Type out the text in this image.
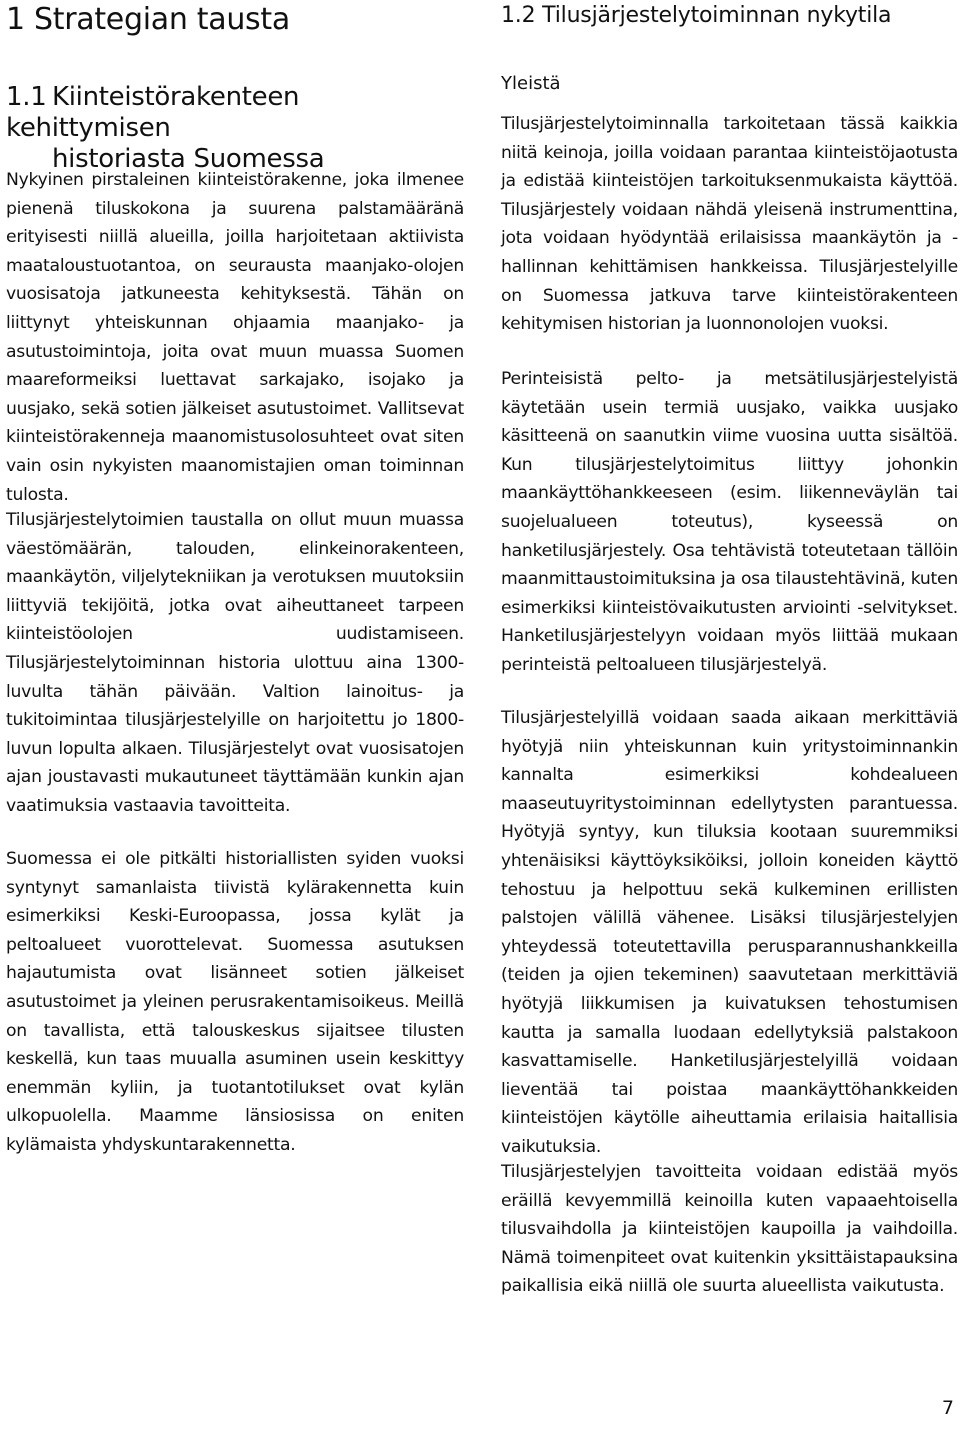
1 Strategian tausta
1.1 Kiinteistörakenteen kehittymisen
historiasta Suomessa

Nykyinen pirstaleinen kiinteistörakenne, joka ilmenee pienenä tiluskokona ja suurena palstamääränä erityisesti niillä alueilla, joilla harjoitetaan aktiivista maataloustuotantoa, on seurausta maanjako-olojen vuosisatoja jatkuneesta kehityksestä. Tähän on liittynyt yhteiskunnan ohjaamia maanjako- ja asutustoimintoja, joita ovat muun muassa Suomen maareformeiksi luettavat sarkajako, isojako ja uusjako, sekä sotien jälkeiset asutustoimet. Vallitsevat kiinteistörakenneja maanomistusolosuhteet ovat siten vain osin nykyisten maanomistajien oman toiminnan tulosta.

Tilusjärjestelytoimien taustalla on ollut muun muassa väestömäärän, talouden, elinkeinorakenteen, maankäytön, viljelytekniikan ja verotuksen muutoksiin liittyviä tekijöitä, jotka ovat aiheuttaneet tarpeen kiinteistöolojen uudistamiseen. Tilusjärjestelytoiminnan historia ulottuu aina 1300-luvulta tähän päivään. Valtion lainoitus- ja tukitoimintaa tilusjärjestelyille on harjoitettu jo 1800-luvun lopulta alkaen. Tilusjärjestelyt ovat vuosisatojen ajan joustavasti mukautuneet täyttämään kunkin ajan vaatimuksia vastaavia tavoitteita.

Suomessa ei ole pitkälti historiallisten syiden vuoksi syntynyt samanlaista tiivistä kylärakennetta kuin esimerkiksi Keski-Euroopassa, jossa kylät ja peltoalueet vuorottelevat. Suomessa asutuksen hajautumista ovat lisänneet sotien jälkeiset asutustoimet ja yleinen perusrakentamisoikeus. Meillä on tavallista, että talouskeskus sijaitsee tilusten keskellä, kun taas muualla asuminen usein keskittyy enemmän kyliin, ja tuotantotilukset ovat kylän ulkopuolella. Maamme länsiosissa on eniten kylämaista yhdyskuntarakennetta.

1.2 Tilusjärjestelytoiminnan nykytila
Yleistä

Tilusjärjestelytoiminnalla tarkoitetaan tässä kaikkia niitä keinoja, joilla voidaan parantaa kiinteistöjaotusta ja edistää kiinteistöjen tarkoituksenmukaista käyttöä. Tilusjärjestely voidaan nähdä yleisenä instrumenttina, jota voidaan hyödyntää erilaisissa maankäytön ja -hallinnan kehittämisen hankkeissa. Tilusjärjestelyille on Suomessa jatkuva tarve kiinteistörakenteen kehitymisen historian ja luonnonolojen vuoksi.

Perinteisistä pelto- ja metsätilusjärjestelyistä käytetään usein termiä uusjako, vaikka uusjako käsitteenä on saanutkin viime vuosina uutta sisältöä. Kun tilusjärjestelytoimitus liittyy johonkin maankäyttöhankkeeseen (esim. liikenneväylän tai suojelualueen toteutus), kyseessä on hanketilusjärjestely. Osa tehtävistä toteutetaan tällöin maanmittaustoimituksina ja osa tilaustehtävinä, kuten esimerkiksi kiinteistövaikutusten arviointi -selvitykset. Hanketilusjärjestelyyn voidaan myös liittää mukaan perinteistä peltoalueen tilusjärjestelyä.

Tilusjärjestelyillä voidaan saada aikaan merkittäviä hyötyjä niin yhteiskunnan kuin yritystoiminnankin kannalta esimerkiksi kohdealueen maaseutuyritystoiminnan edellytysten parantuessa. Hyötyjä syntyy, kun tiluksia kootaan suuremmiksi yhtenäisiksi käyttöyksiköiksi, jolloin koneiden käyttö tehostuu ja helpottuu sekä kulkeminen erillisten palstojen välillä vähenee. Lisäksi tilusjärjestelyjen yhteydessä toteutettavilla perusparannushankkeilla (teiden ja ojien tekeminen) saavutetaan merkittäviä hyötyjä liikkumisen ja kuivatuksen tehostumisen kautta ja samalla luodaan edellytyksiä palstakoon kasvattamiselle. Hanketilusjärjestelyillä voidaan lieventää tai poistaa maankäyttöhankkeiden kiinteistöjen käytölle aiheuttamia erilaisia haitallisia vaikutuksia.

Tilusjärjestelyjen tavoitteita voidaan edistää myös eräillä kevyemmillä keinoilla kuten vapaaehtoisella tilusvaihdolla ja kiinteistöjen kaupoilla ja vaihdoilla. Nämä toimenpiteet ovat kuitenkin yksittäistapauksina paikallisia eikä niillä ole suurta alueellista vaikutusta.

7
